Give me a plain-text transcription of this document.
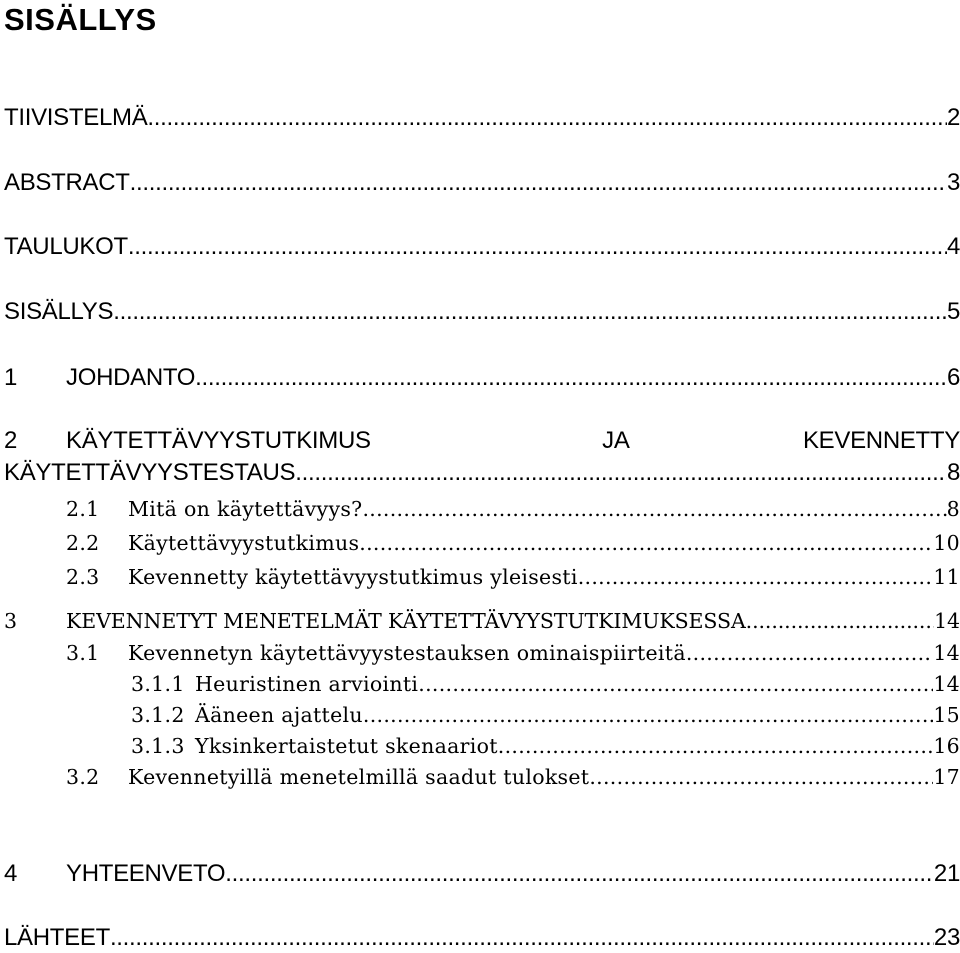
SISÄLLYS
TIIVISTELMÄ .....	2
ABSTRACT .....	3
TAULUKOT .....	4
SISÄLLYS .....	5
1	JOHDANTO .....	6
2	KÄYTETTÄVYYSTUTKIMUS	JA	KEVENNETTY
KÄYTETTÄVYYSTESTAUS .....	8
2.1	Mitä on käytettävyys? .....	8
2.2	Käytettävyystutkimus .....	10
2.3	Kevennetty käytettävyystutkimus yleisesti .....	11
3	KEVENNETYT MENETELMÄT KÄYTETTÄVYYSTUTKIMUKSESSA .....	14
3.1	Kevennetyn käytettävyystestauksen ominaispiirteitä .....	14
3.1.1 Heuristinen arviointi .....	14
3.1.2 Ääneen ajattelu .....	15
3.1.3 Yksinkertaistetut skenaariot .....	16
3.2	Kevennetyillä menetelmillä saadut tulokset .....	17
4	YHTEENVETO .....	21
LÄHTEET .....	23
